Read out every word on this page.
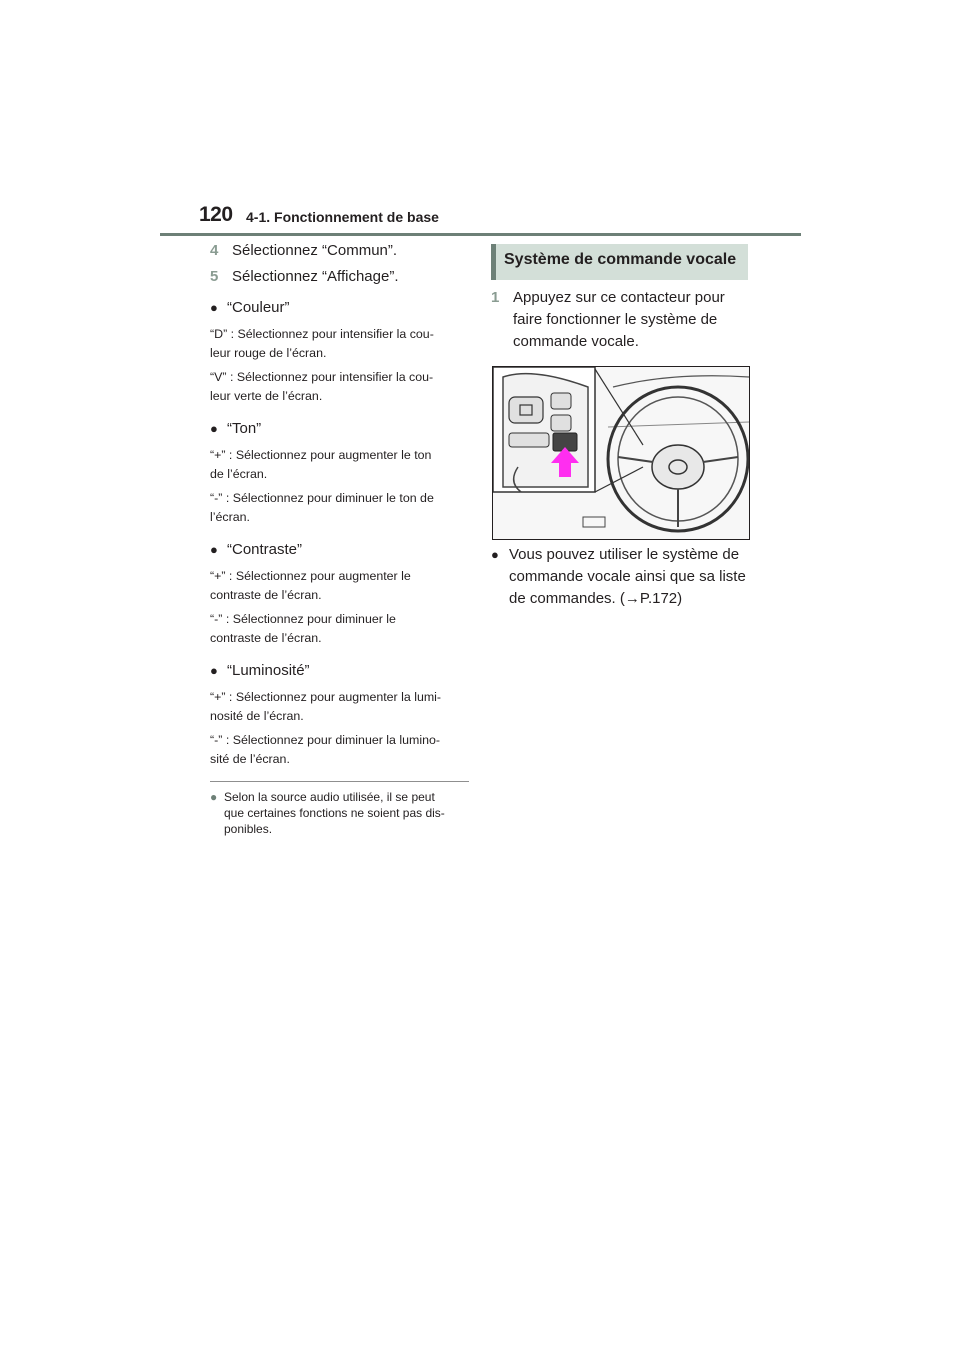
120 4-1. Fonctionnement de base
4 Sélectionnez “Commun”.
5 Sélectionnez “Affichage”.
● “Couleur”
“D” : Sélectionnez pour intensifier la cou-
leur rouge de l’écran.
“V” : Sélectionnez pour intensifier la cou-
leur verte de l’écran.
● “Ton”
“+” : Sélectionnez pour augmenter le ton
de l’écran.
“-” : Sélectionnez pour diminuer le ton de
l’écran.
● “Contraste”
“+” : Sélectionnez pour augmenter le
contraste de l’écran.
“-” : Sélectionnez pour diminuer le
contraste de l’écran.
● “Luminosité”
“+” : Sélectionnez pour augmenter la lumi-
nosité de l’écran.
“-” : Sélectionnez pour diminuer la lumino-
sité de l’écran.
● Selon la source audio utilisée, il se peut
que certaines fonctions ne soient pas dis-
ponibles.
Système de commande vocale
1 Appuyez sur ce contacteur pour
faire fonctionner le système de
commande vocale.
● Vous pouvez utiliser le système de
commande vocale ainsi que sa liste
de commandes. (→P.172)
